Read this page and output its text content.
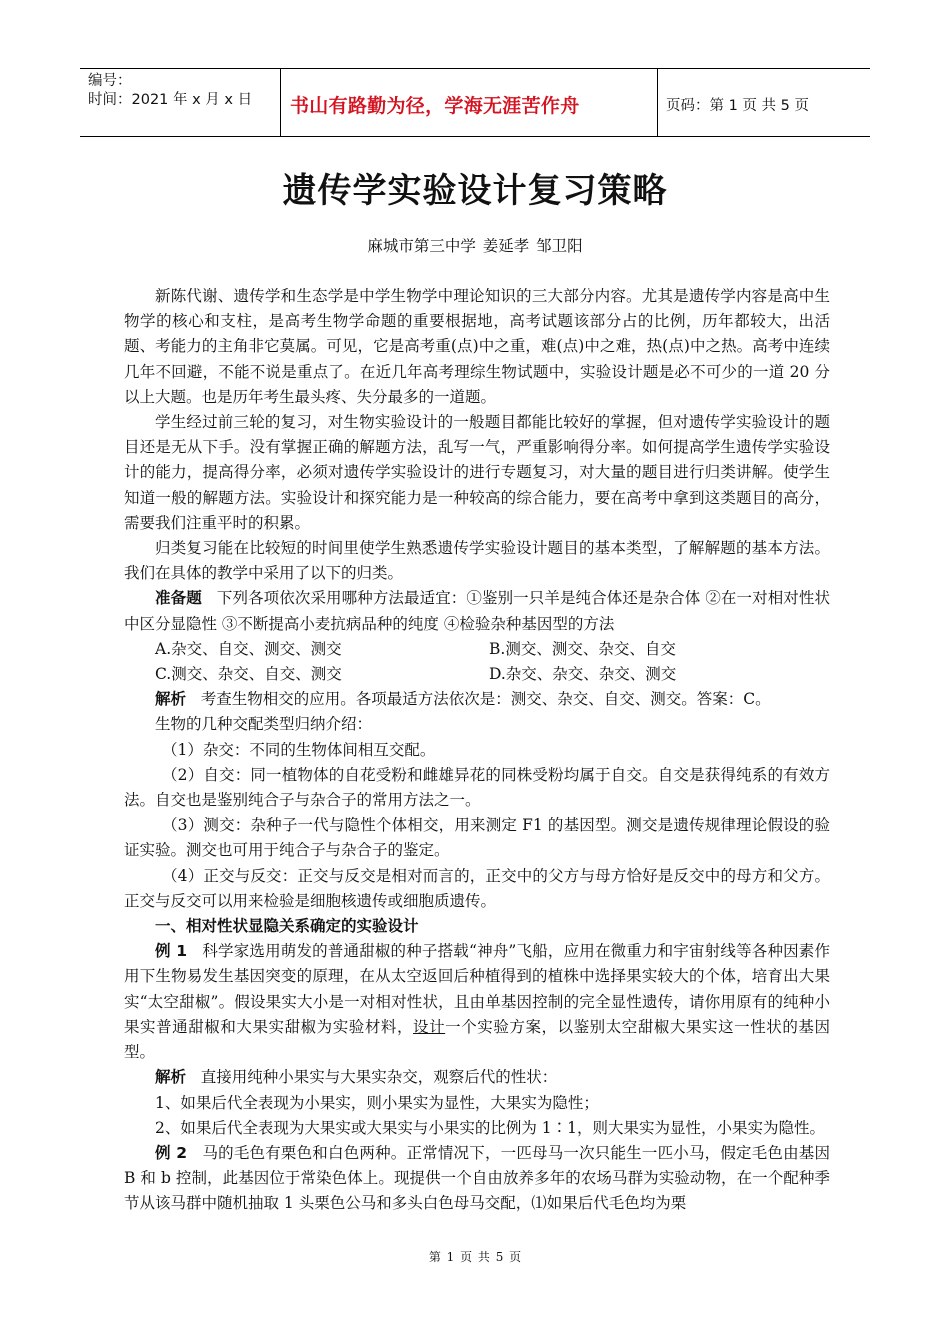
编号：
时间：2021 年 x 月 x 日 书山有路勤为径，学海无涯苦作舟	页码：第 1 页 共 5 页
遗传学实验设计复习策略
麻城市第三中学 姜延孝 邹卫阳

新陈代谢、遗传学和生态学是中学生物学中理论知识的三大部分内容。尤其是遗传学内容是高中生物学的核心和支柱，是高考生物学命题的重要根据地，高考试题该部分占的比例，历年都较大，出活题、考能力的主角非它莫属。可见，它是高考重(点)中之重，难(点)中之难，热(点)中之热。高考中连续几年不回避，不能不说是重点了。在近几年高考理综生物试题中，实验设计题是必不可少的一道 20 分以上大题。也是历年考生最头疼、失分最多的一道题。

学生经过前三轮的复习，对生物实验设计的一般题目都能比较好的掌握，但对遗传学实验设计的题目还是无从下手。没有掌握正确的解题方法，乱写一气，严重影响得分率。如何提高学生遗传学实验设计的能力，提高得分率，必须对遗传学实验设计的进行专题复习，对大量的题目进行归类讲解。使学生知道一般的解题方法。实验设计和探究能力是一种较高的综合能力，要在高考中拿到这类题目的高分，需要我们注重平时的积累。

归类复习能在比较短的时间里使学生熟悉遗传学实验设计题目的基本类型，了解解题的基本方法。我们在具体的教学中采用了以下的归类。

准备题 下列各项依次采用哪种方法最适宜：①鉴别一只羊是纯合体还是杂合体 ②在一对相对性状中区分显隐性 ③不断提高小麦抗病品种的纯度 ④检验杂种基因型的方法

A.杂交、自交、测交、测交	B.测交、测交、杂交、自交
C.测交、杂交、自交、测交	D.杂交、杂交、杂交、测交

解析 考查生物相交的应用。各项最适方法依次是：测交、杂交、自交、测交。答案：C。

生物的几种交配类型归纳介绍：

（1）杂交：不同的生物体间相互交配。

（2）自交：同一植物体的自花受粉和雌雄异花的同株受粉均属于自交。自交是获得纯系的有效方法。自交也是鉴别纯合子与杂合子的常用方法之一。

（3）测交：杂种子一代与隐性个体相交，用来测定 F1 的基因型。测交是遗传规律理论假设的验证实验。测交也可用于纯合子与杂合子的鉴定。

（4）正交与反交：正交与反交是相对而言的，正交中的父方与母方恰好是反交中的母方和父方。正交与反交可以用来检验是细胞核遗传或细胞质遗传。

一、相对性状显隐关系确定的实验设计

例 1 科学家选用萌发的普通甜椒的种子搭载“神舟”飞船，应用在微重力和宇宙射线等各种因素作用下生物易发生基因突变的原理，在从太空返回后种植得到的植株中选择果实较大的个体，培育出大果实“太空甜椒”。假设果实大小是一对相对性状，且由单基因控制的完全显性遗传，请你用原有的纯种小果实普通甜椒和大果实甜椒为实验材料，设计一个实验方案，以鉴别太空甜椒大果实这一性状的基因型。

解析 直接用纯种小果实与大果实杂交，观察后代的性状：

1、如果后代全表现为小果实，则小果实为显性，大果实为隐性；

2、如果后代全表现为大果实或大果实与小果实的比例为 1∶1，则大果实为显性，小果实为隐性。

例 2 马的毛色有栗色和白色两种。正常情况下，一匹母马一次只能生一匹小马，假定毛色由基因 B 和 b 控制，此基因位于常染色体上。现提供一个自由放养多年的农场马群为实验动物，在一个配种季节从该马群中随机抽取 1 头栗色公马和多头白色母马交配，⑴如果后代毛色均为栗

第 1 页 共 5 页
